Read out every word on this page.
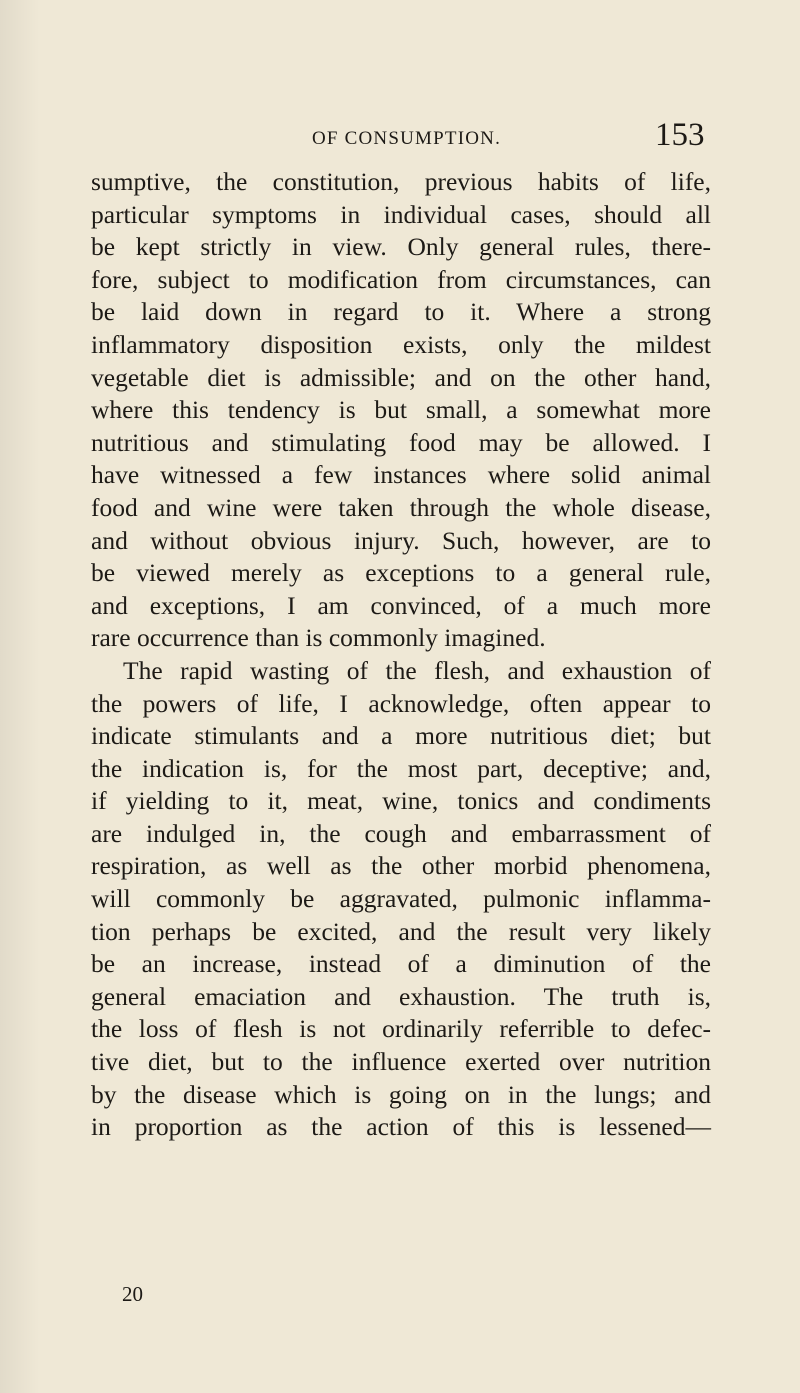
OF CONSUMPTION.	153
sumptive, the constitution, previous habits of life,
particular symptoms in individual cases, should all
be kept strictly in view. Only general rules, there-
fore, subject to modification from circumstances, can
be laid down in regard to it. Where a strong
inflammatory disposition exists, only the mildest
vegetable diet is admissible; and on the other hand,
where this tendency is but small, a somewhat more
nutritious and stimulating food may be allowed. I
have witnessed a few instances where solid animal
food and wine were taken through the whole disease,
and without obvious injury. Such, however, are to
be viewed merely as exceptions to a general rule,
and exceptions, I am convinced, of a much more
rare occurrence than is commonly imagined.
The rapid wasting of the flesh, and exhaustion of
the powers of life, I acknowledge, often appear to
indicate stimulants and a more nutritious diet; but
the indication is, for the most part, deceptive; and,
if yielding to it, meat, wine, tonics and condiments
are indulged in, the cough and embarrassment of
respiration, as well as the other morbid phenomena,
will commonly be aggravated, pulmonic inflamma-
tion perhaps be excited, and the result very likely
be an increase, instead of a diminution of the
general emaciation and exhaustion. The truth is,
the loss of flesh is not ordinarily referrible to defec-
tive diet, but to the influence exerted over nutrition
by the disease which is going on in the lungs; and
in proportion as the action of this is lessened—
20
